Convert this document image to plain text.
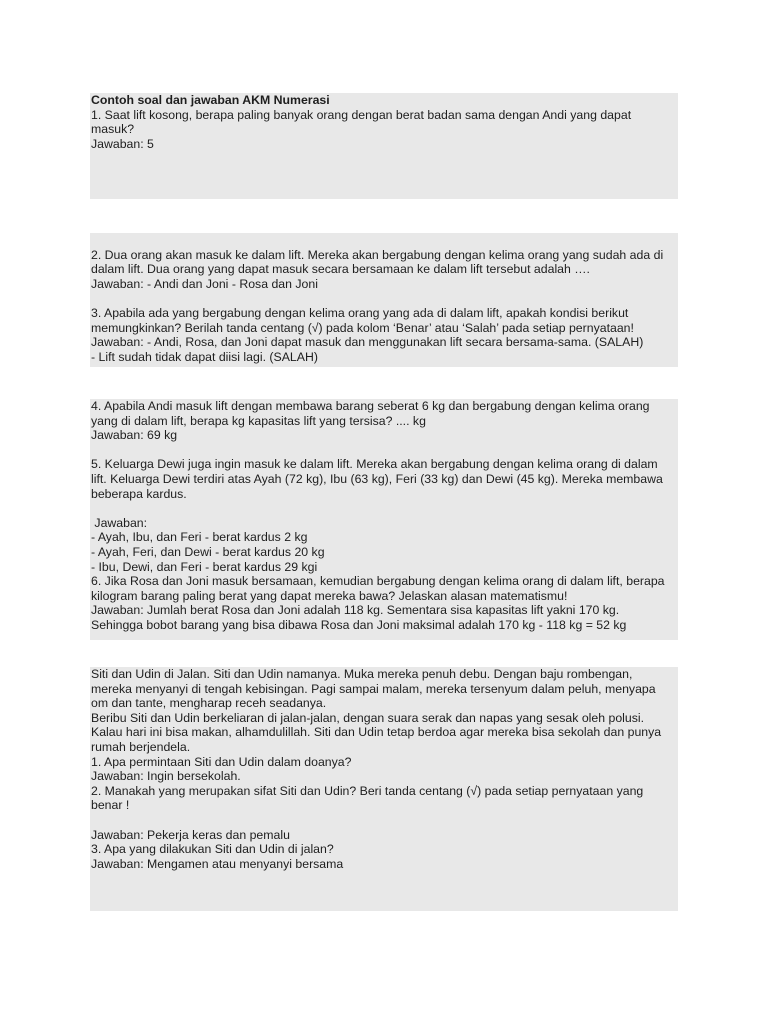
Contoh soal dan jawaban AKM Numerasi
1. Saat lift kosong, berapa paling banyak orang dengan berat badan sama dengan Andi yang dapat
masuk?
Jawaban: 5
2. Dua orang akan masuk ke dalam lift. Mereka akan bergabung dengan kelima orang yang sudah ada di
dalam lift. Dua orang yang dapat masuk secara bersamaan ke dalam lift tersebut adalah ….
Jawaban: - Andi dan Joni - Rosa dan Joni
3. Apabila ada yang bergabung dengan kelima orang yang ada di dalam lift, apakah kondisi berikut
memungkinkan? Berilah tanda centang (√) pada kolom ‘Benar’ atau ‘Salah’ pada setiap pernyataan!
Jawaban: - Andi, Rosa, dan Joni dapat masuk dan menggunakan lift secara bersama-sama. (SALAH)
- Lift sudah tidak dapat diisi lagi. (SALAH)
4. Apabila Andi masuk lift dengan membawa barang seberat 6 kg dan bergabung dengan kelima orang
yang di dalam lift, berapa kg kapasitas lift yang tersisa? .... kg
Jawaban: 69 kg
5. Keluarga Dewi juga ingin masuk ke dalam lift. Mereka akan bergabung dengan kelima orang di dalam
lift. Keluarga Dewi terdiri atas Ayah (72 kg), Ibu (63 kg), Feri (33 kg) dan Dewi (45 kg). Mereka membawa
beberapa kardus.
Jawaban:
- Ayah, Ibu, dan Feri - berat kardus 2 kg
- Ayah, Feri, dan Dewi - berat kardus 20 kg
- Ibu, Dewi, dan Feri - berat kardus 29 kgi
6. Jika Rosa dan Joni masuk bersamaan, kemudian bergabung dengan kelima orang di dalam lift, berapa
kilogram barang paling berat yang dapat mereka bawa? Jelaskan alasan matematismu!
Jawaban: Jumlah berat Rosa dan Joni adalah 118 kg. Sementara sisa kapasitas lift yakni 170 kg.
Sehingga bobot barang yang bisa dibawa Rosa dan Joni maksimal adalah 170 kg - 118 kg = 52 kg
Siti dan Udin di Jalan. Siti dan Udin namanya. Muka mereka penuh debu. Dengan baju rombengan,
mereka menyanyi di tengah kebisingan. Pagi sampai malam, mereka tersenyum dalam peluh, menyapa
om dan tante, mengharap receh seadanya.
Beribu Siti dan Udin berkeliaran di jalan-jalan, dengan suara serak dan napas yang sesak oleh polusi.
Kalau hari ini bisa makan, alhamdulillah. Siti dan Udin tetap berdoa agar mereka bisa sekolah dan punya
rumah berjendela.
1. Apa permintaan Siti dan Udin dalam doanya?
Jawaban: Ingin bersekolah.
2. Manakah yang merupakan sifat Siti dan Udin? Beri tanda centang (√) pada setiap pernyataan yang
benar !
Jawaban: Pekerja keras dan pemalu
3. Apa yang dilakukan Siti dan Udin di jalan?
Jawaban: Mengamen atau menyanyi bersama
